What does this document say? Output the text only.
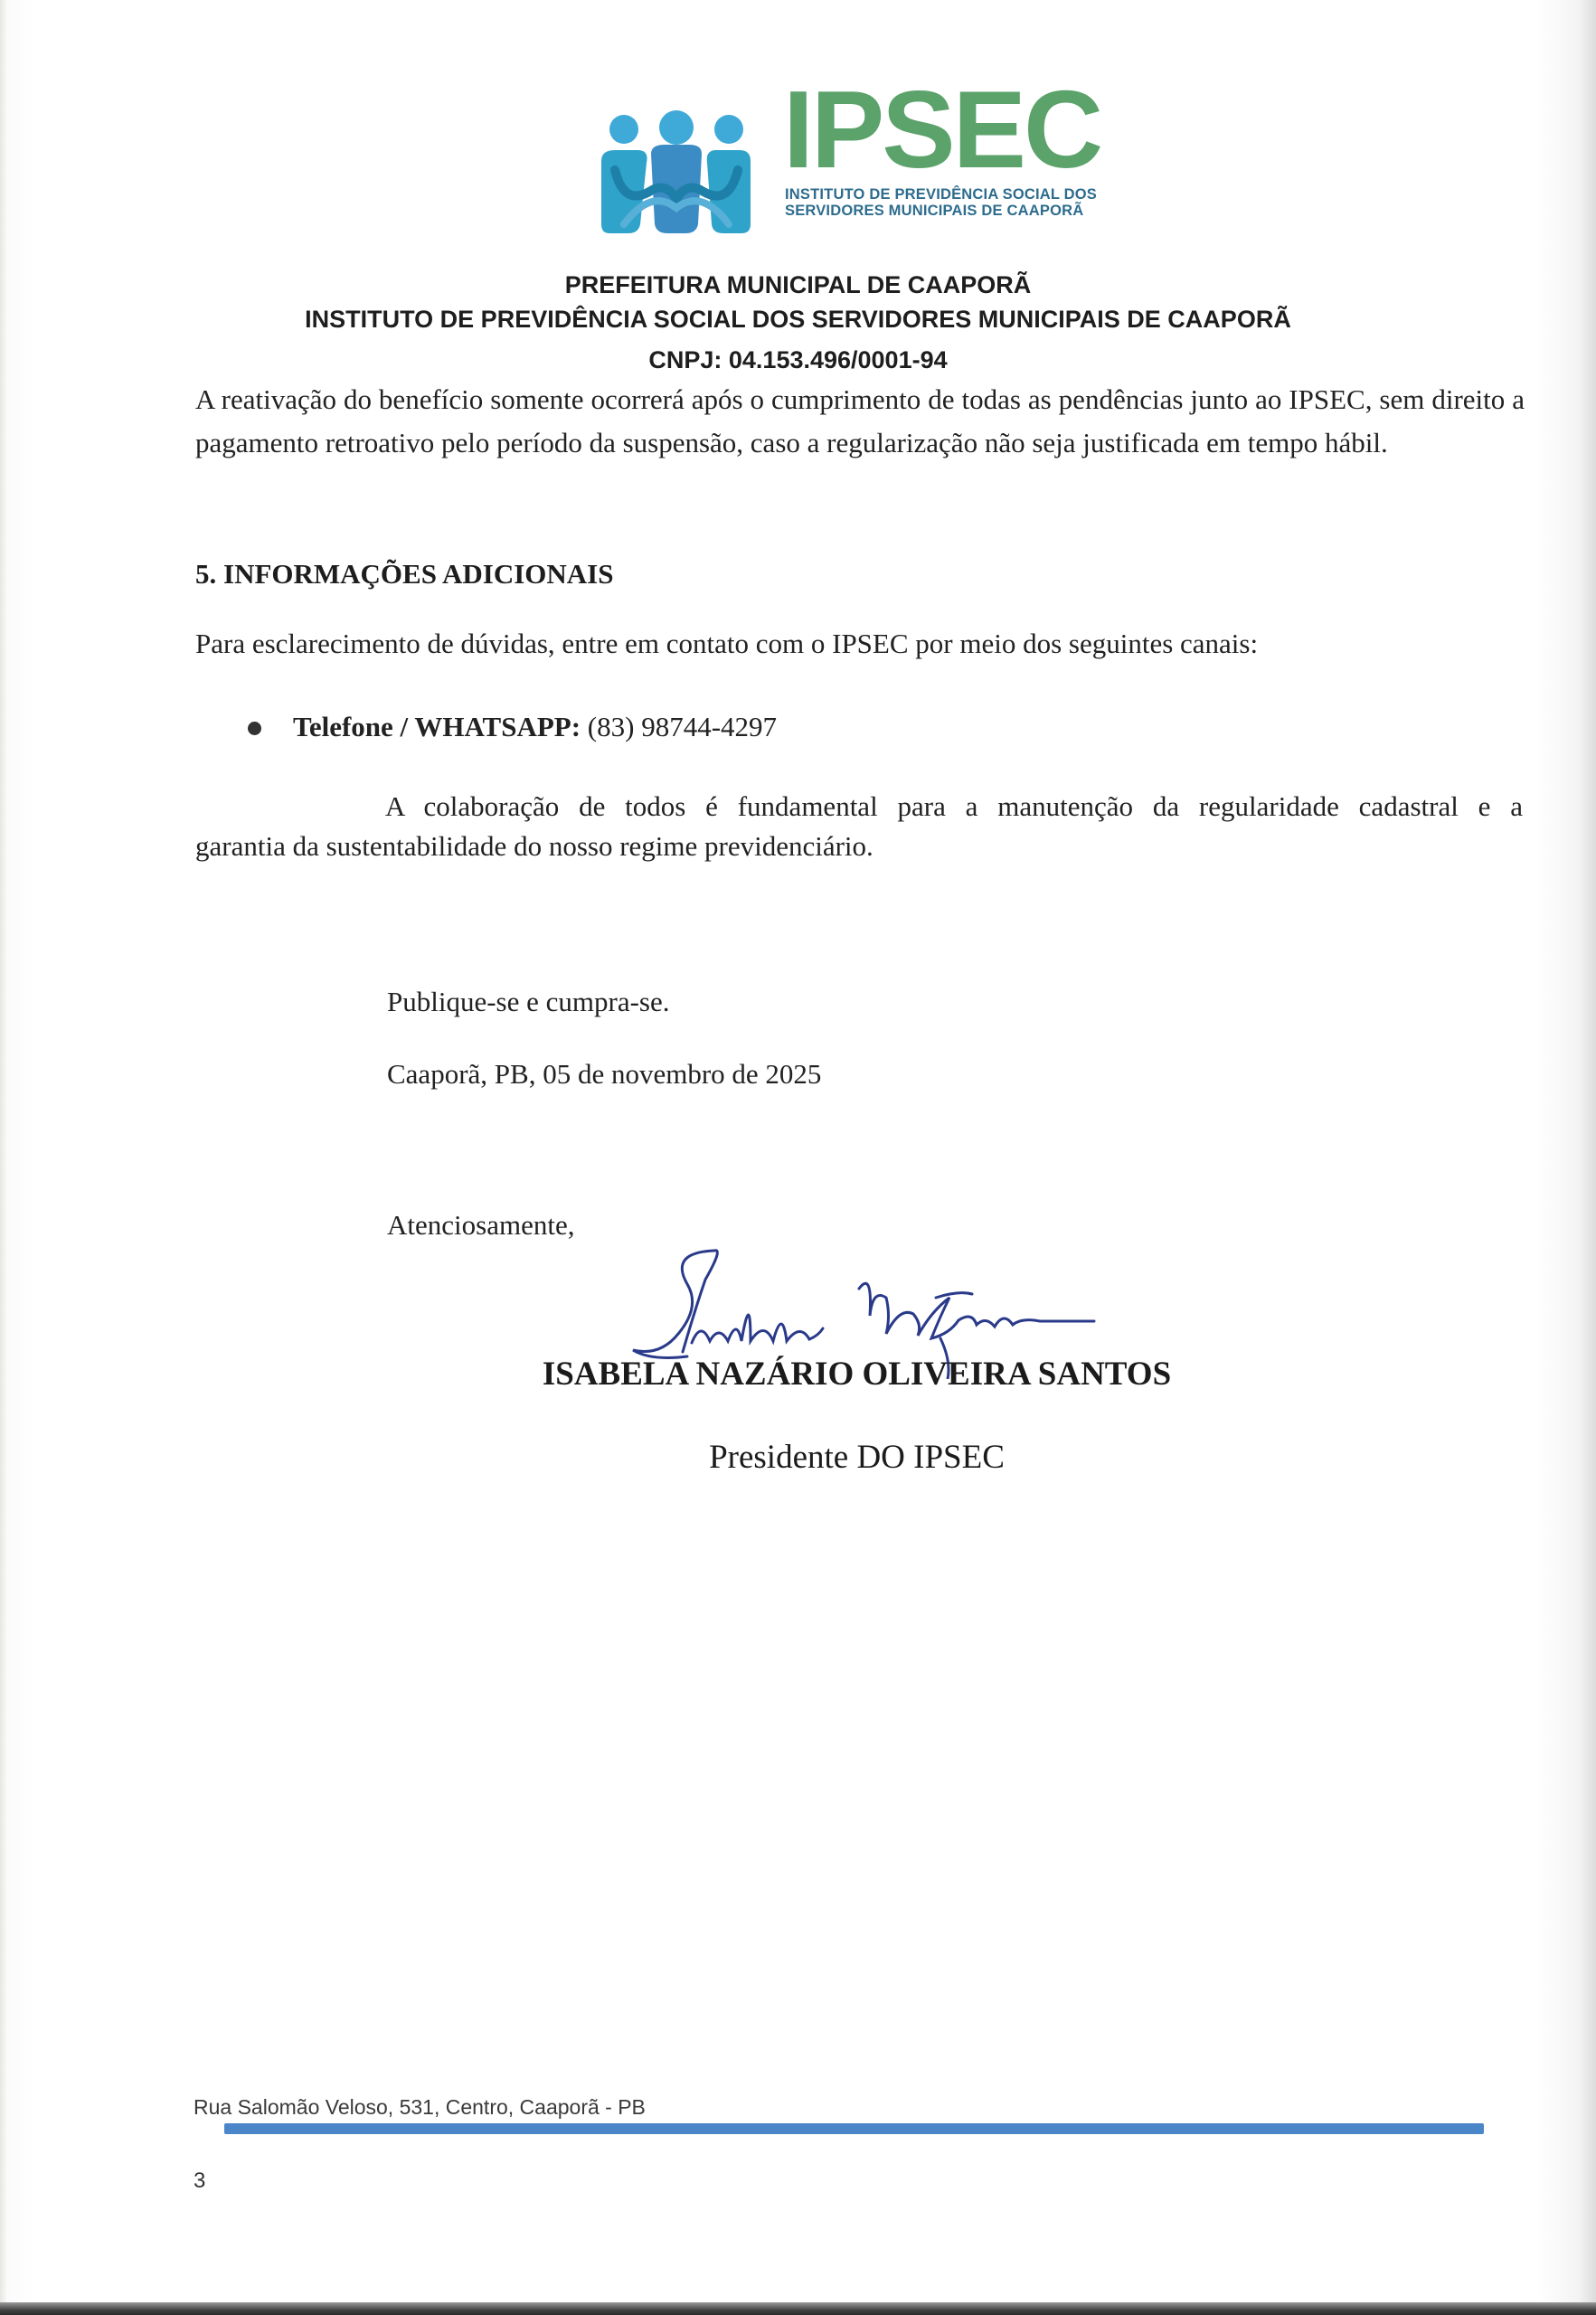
IPSEC
INSTITUTO DE PREVIDÊNCIA SOCIAL DOS
SERVIDORES MUNICIPAIS DE CAAPORÃ
PREFEITURA MUNICIPAL DE CAAPORÃ
INSTITUTO DE PREVIDÊNCIA SOCIAL DOS SERVIDORES MUNICIPAIS DE CAAPORÃ
CNPJ: 04.153.496/0001-94
A reativação do benefício somente ocorrerá após o cumprimento de todas as pendências junto ao IPSEC, sem direito a pagamento retroativo pelo período da suspensão, caso a regularização não seja justificada em tempo hábil.
5. INFORMAÇÕES ADICIONAIS
Para esclarecimento de dúvidas, entre em contato com o IPSEC por meio dos seguintes canais:
Telefone / WHATSAPP: (83) 98744-4297
A colaboração de todos é fundamental para a manutenção da regularidade cadastral e a
garantia da sustentabilidade do nosso regime previdenciário.
Publique-se e cumpra-se.
Caaporã, PB, 05 de novembro de 2025
Atenciosamente,
ISABELA NAZÁRIO OLIVEIRA SANTOS
Presidente DO IPSEC
Rua Salomão Veloso, 531, Centro, Caaporã - PB
3
